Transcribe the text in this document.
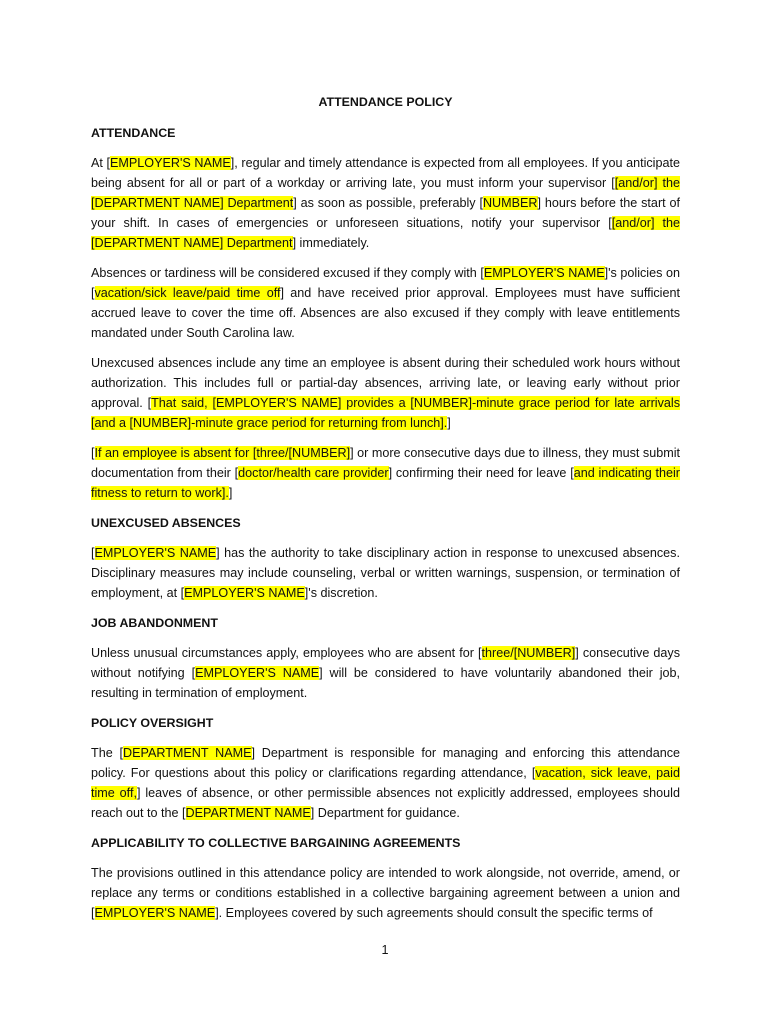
ATTENDANCE POLICY
ATTENDANCE

At [EMPLOYER'S NAME], regular and timely attendance is expected from all employees. If you anticipate being absent for all or part of a workday or arriving late, you must inform your supervisor [[and/or] the [DEPARTMENT NAME] Department] as soon as possible, preferably [NUMBER] hours before the start of your shift. In cases of emergencies or unforeseen situations, notify your supervisor [[and/or] the [DEPARTMENT NAME] Department] immediately.

Absences or tardiness will be considered excused if they comply with [EMPLOYER'S NAME]'s policies on [vacation/sick leave/paid time off] and have received prior approval. Employees must have sufficient accrued leave to cover the time off. Absences are also excused if they comply with leave entitlements mandated under South Carolina law.

Unexcused absences include any time an employee is absent during their scheduled work hours without authorization. This includes full or partial-day absences, arriving late, or leaving early without prior approval. [That said, [EMPLOYER'S NAME] provides a [NUMBER]-minute grace period for late arrivals [and a [NUMBER]-minute grace period for returning from lunch].]

[If an employee is absent for [three/[NUMBER]] or more consecutive days due to illness, they must submit documentation from their [doctor/health care provider] confirming their need for leave [and indicating their fitness to return to work].]

UNEXCUSED ABSENCES

[EMPLOYER'S NAME] has the authority to take disciplinary action in response to unexcused absences. Disciplinary measures may include counseling, verbal or written warnings, suspension, or termination of employment, at [EMPLOYER'S NAME]'s discretion.

JOB ABANDONMENT

Unless unusual circumstances apply, employees who are absent for [three/[NUMBER]] consecutive days without notifying [EMPLOYER'S NAME] will be considered to have voluntarily abandoned their job, resulting in termination of employment.

POLICY OVERSIGHT

The [DEPARTMENT NAME] Department is responsible for managing and enforcing this attendance policy. For questions about this policy or clarifications regarding attendance, [vacation, sick leave, paid time off,] leaves of absence, or other permissible absences not explicitly addressed, employees should reach out to the [DEPARTMENT NAME] Department for guidance.

APPLICABILITY TO COLLECTIVE BARGAINING AGREEMENTS

The provisions outlined in this attendance policy are intended to work alongside, not override, amend, or replace any terms or conditions established in a collective bargaining agreement between a union and [EMPLOYER'S NAME]. Employees covered by such agreements should consult the specific terms of

1
